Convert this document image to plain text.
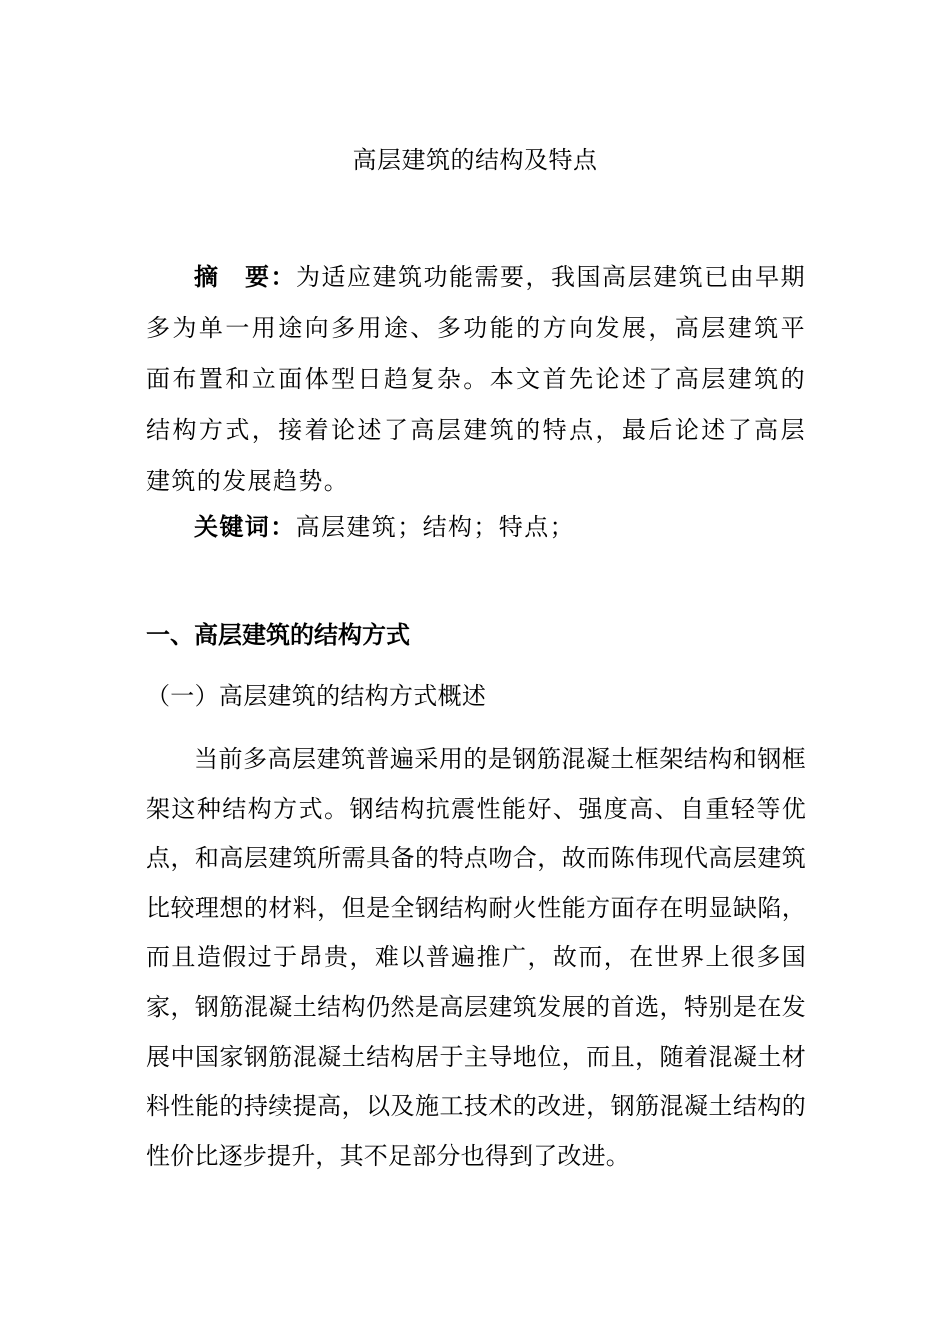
高层建筑的结构及特点
摘　要：为适应建筑功能需要，我国高层建筑已由早期多为单一用途向多用途、多功能的方向发展，高层建筑平面布置和立面体型日趋复杂。本文首先论述了高层建筑的结构方式，接着论述了高层建筑的特点，最后论述了高层建筑的发展趋势。
关键词：高层建筑；结构；特点；
一、高层建筑的结构方式
（一）高层建筑的结构方式概述
当前多高层建筑普遍采用的是钢筋混凝土框架结构和钢框架这种结构方式。钢结构抗震性能好、强度高、自重轻等优点，和高层建筑所需具备的特点吻合，故而陈伟现代高层建筑比较理想的材料，但是全钢结构耐火性能方面存在明显缺陷，而且造假过于昂贵，难以普遍推广，故而，在世界上很多国家，钢筋混凝土结构仍然是高层建筑发展的首选，特别是在发展中国家钢筋混凝土结构居于主导地位，而且，随着混凝土材料性能的持续提高，以及施工技术的改进，钢筋混凝土结构的性价比逐步提升，其不足部分也得到了改进。
